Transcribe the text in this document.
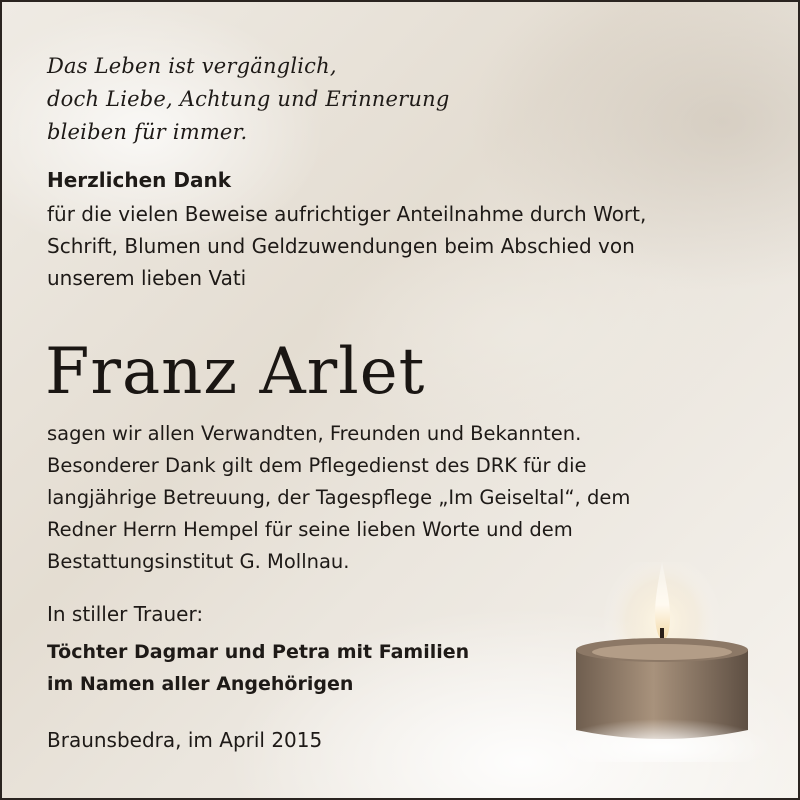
Das Leben ist vergänglich,
doch Liebe, Achtung und Erinnerung
bleiben für immer.

Herzlichen Dank

für die vielen Beweise aufrichtiger Anteilnahme durch Wort,
Schrift, Blumen und Geldzuwendungen beim Abschied von
unserem lieben Vati

Franz Arlet

sagen wir allen Verwandten, Freunden und Bekannten.
Besonderer Dank gilt dem Pflegedienst des DRK für die
langjährige Betreuung, der Tagespflege „Im Geiseltal“, dem
Redner Herrn Hempel für seine lieben Worte und dem
Bestattungsinstitut G. Mollnau.

In stiller Trauer:

Töchter Dagmar und Petra mit Familien
im Namen aller Angehörigen

Braunsbedra, im April 2015
